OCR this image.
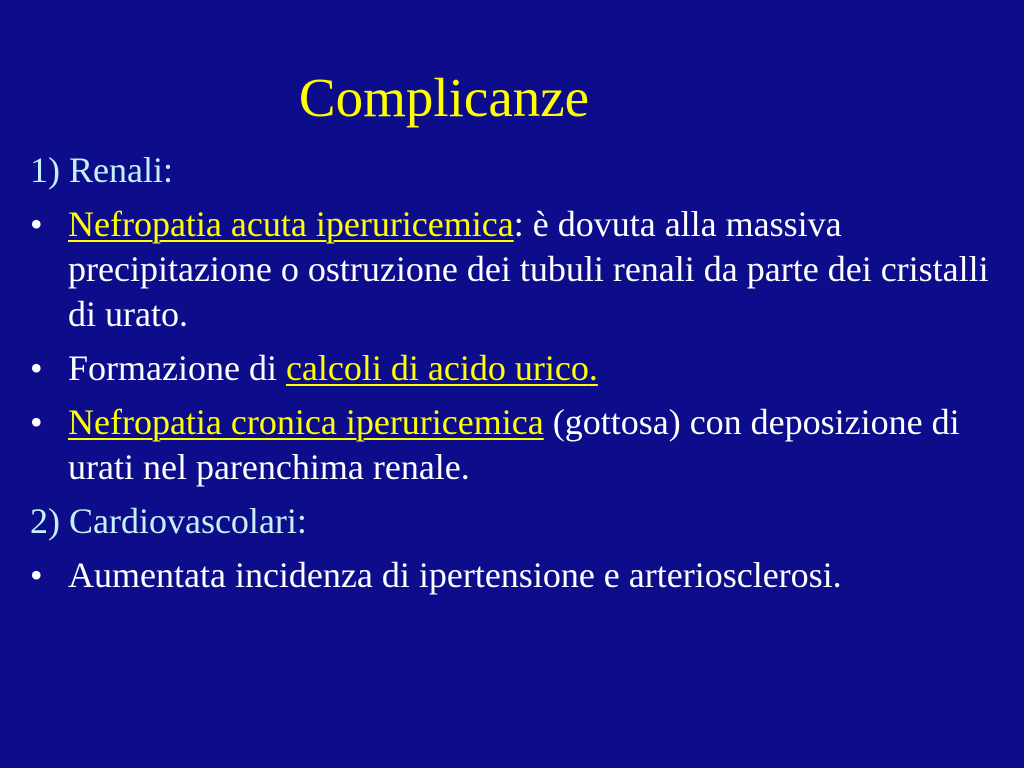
Complicanze
1) Renali:
• Nefropatia acuta iperuricemica: è dovuta alla massiva precipitazione o ostruzione dei tubuli renali da parte dei cristalli di urato.
• Formazione di calcoli di acido urico.
• Nefropatia cronica iperuricemica (gottosa) con deposizione di urati nel parenchima renale.
2) Cardiovascolari:
• Aumentata incidenza di ipertensione e arteriosclerosi.
